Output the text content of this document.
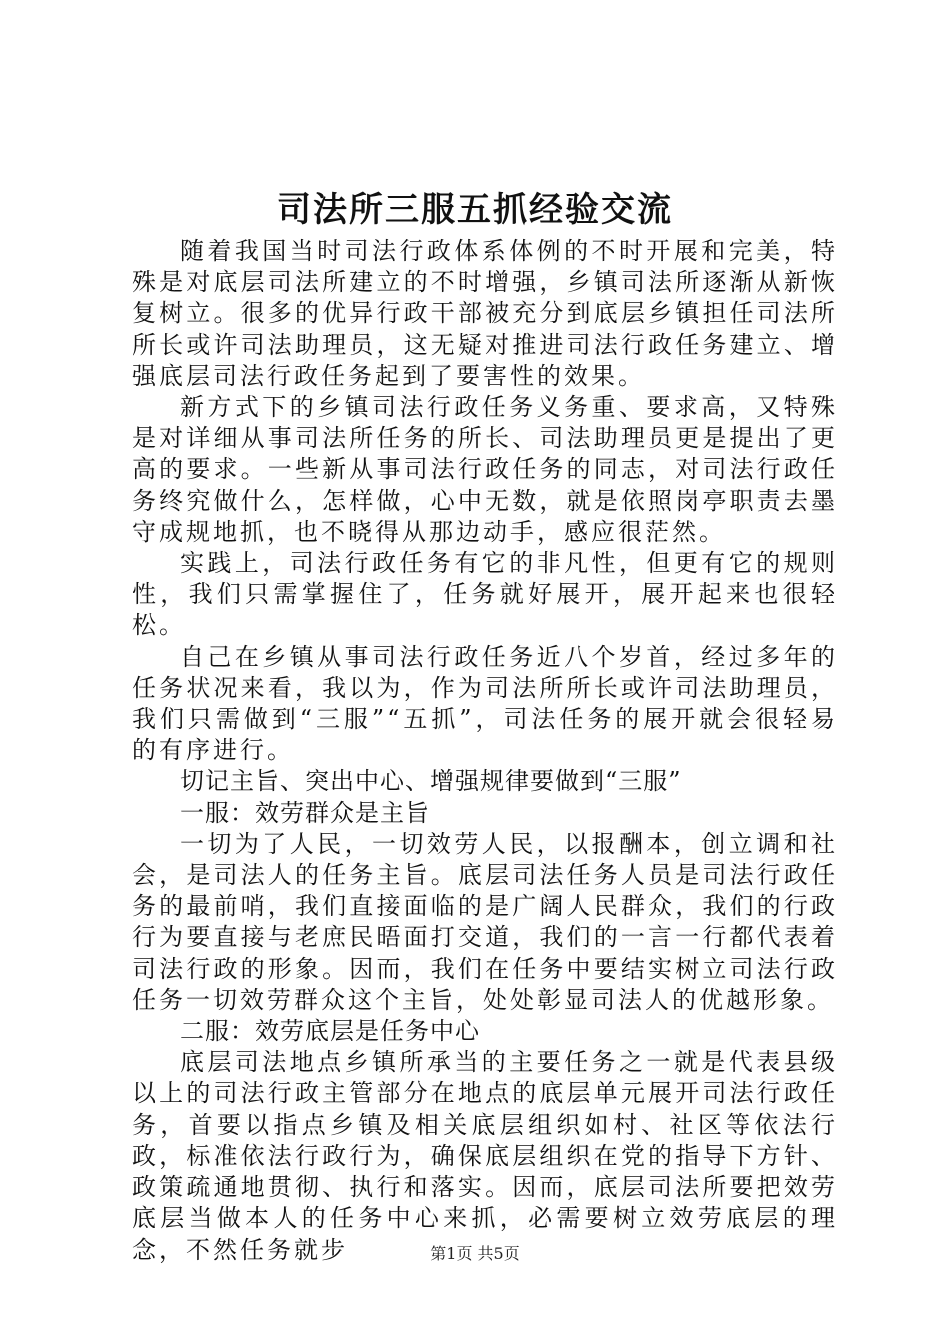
司法所三服五抓经验交流

随着我国当时司法行政体系体例的不时开展和完美，特殊是对底层司法所建立的不时增强，乡镇司法所逐渐从新恢复树立。很多的优异行政干部被充分到底层乡镇担任司法所所长或许司法助理员，这无疑对推进司法行政任务建立、增强底层司法行政任务起到了要害性的效果。

新方式下的乡镇司法行政任务义务重、要求高，又特殊是对详细从事司法所任务的所长、司法助理员更是提出了更高的要求。一些新从事司法行政任务的同志，对司法行政任务终究做什么，怎样做，心中无数，就是依照岗亭职责去墨守成规地抓，也不晓得从那边动手，感应很茫然。

实践上，司法行政任务有它的非凡性，但更有它的规则性，我们只需掌握住了，任务就好展开，展开起来也很轻松。

自己在乡镇从事司法行政任务近八个岁首，经过多年的任务状况来看，我以为，作为司法所所长或许司法助理员，我们只需做到“三服”“五抓”，司法任务的展开就会很轻易的有序进行。

切记主旨、突出中心、增强规律要做到“三服”

一服：效劳群众是主旨

一切为了人民，一切效劳人民，以报酬本，创立调和社会，是司法人的任务主旨。底层司法任务人员是司法行政任务的最前哨，我们直接面临的是广阔人民群众，我们的行政行为要直接与老庶民晤面打交道，我们的一言一行都代表着司法行政的形象。因而，我们在任务中要结实树立司法行政任务一切效劳群众这个主旨，处处彰显司法人的优越形象。

二服：效劳底层是任务中心

底层司法地点乡镇所承当的主要任务之一就是代表县级以上的司法行政主管部分在地点的底层单元展开司法行政任务，首要以指点乡镇及相关底层组织如村、社区等依法行政，标准依法行政行为，确保底层组织在党的指导下方针、政策疏通地贯彻、执行和落实。因而，底层司法所要把效劳底层当做本人的任务中心来抓，必需要树立效劳底层的理念，不然任务就步	第1页 共5页
